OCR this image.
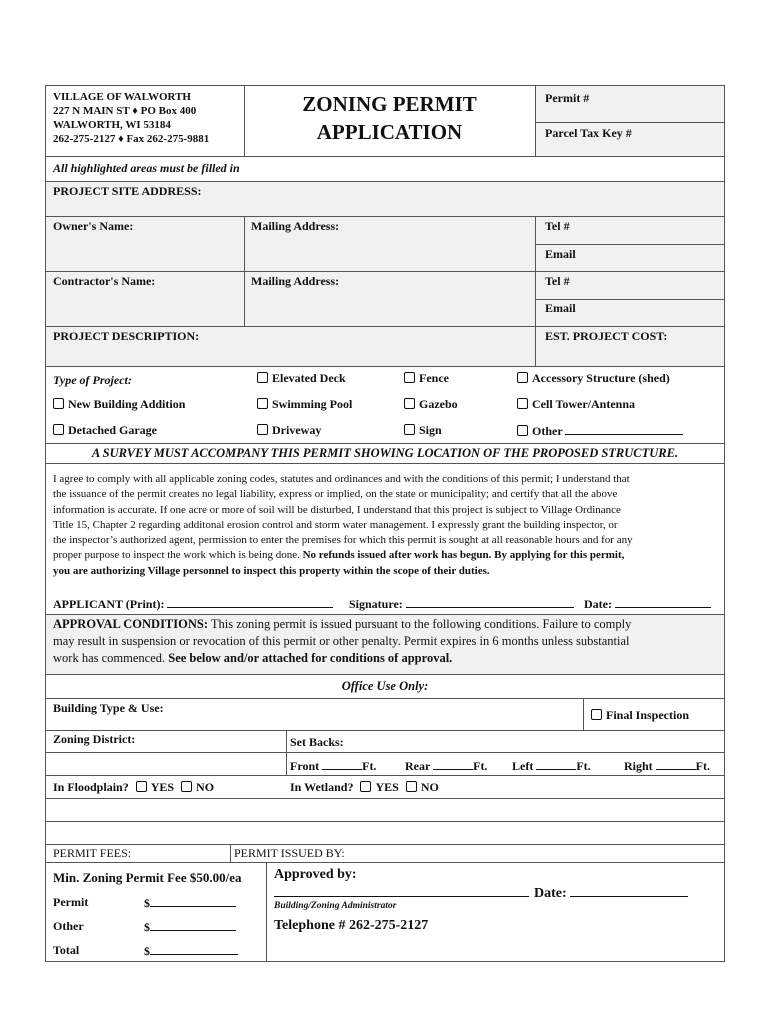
VILLAGE OF WALWORTH
227 N MAIN ST ♦ PO Box 400
WALWORTH, WI 53184
262-275-2127 ♦ Fax 262-275-9881
ZONING PERMIT
APPLICATION
Permit #
Parcel Tax Key #
All highlighted areas must be filled in
PROJECT SITE ADDRESS:
Owner's Name:	Mailing Address:	Tel #
Email
Contractor's Name:	Mailing Address:	Tel #
Email
PROJECT DESCRIPTION:	EST. PROJECT COST:
Type of Project:	Elevated Deck	Fence	Accessory Structure (shed)
New Building Addition	Swimming Pool	Gazebo	Cell Tower/Antenna
Detached Garage	Driveway	Sign	Other
A SURVEY MUST ACCOMPANY THIS PERMIT SHOWING LOCATION OF THE PROPOSED STRUCTURE.
I agree to comply with all applicable zoning codes, statutes and ordinances and with the conditions of this permit; I understand that
the issuance of the permit creates no legal liability, express or implied, on the state or municipality; and certify that all the above
information is accurate. If one acre or more of soil will be disturbed, I understand that this project is subject to Village Ordinance
Title 15, Chapter 2 regarding additonal erosion control and storm water management. I expressly grant the building inspector, or
the inspector’s authorized agent, permission to enter the premises for which this permit is sought at all reasonable hours and for any
proper purpose to inspect the work which is being done. No refunds issued after work has begun. By applying for this permit,
you are authorizing Village personnel to inspect this property within the scope of their duties.
APPLICANT (Print):	Signature:	Date:
APPROVAL CONDITIONS: This zoning permit is issued pursuant to the following conditions. Failure to comply
may result in suspension or revocation of this permit or other penalty. Permit expires in 6 months unless substantial
work has commenced. See below and/or attached for conditions of approval.
Office Use Only:
Building Type & Use:	Final Inspection
Zoning District:	Set Backs:
Front	Ft. Rear	Ft. Left	Ft.	Right	Ft.
In Floodplain? YES NO	In Wetland? YES NO
PERMIT FEES:	PERMIT ISSUED BY:
Min. Zoning Permit Fee $50.00/ea
Permit	$
Other	$
Total	$
Approved by:
Date:
Building/Zoning Administrator
Telephone # 262-275-2127
